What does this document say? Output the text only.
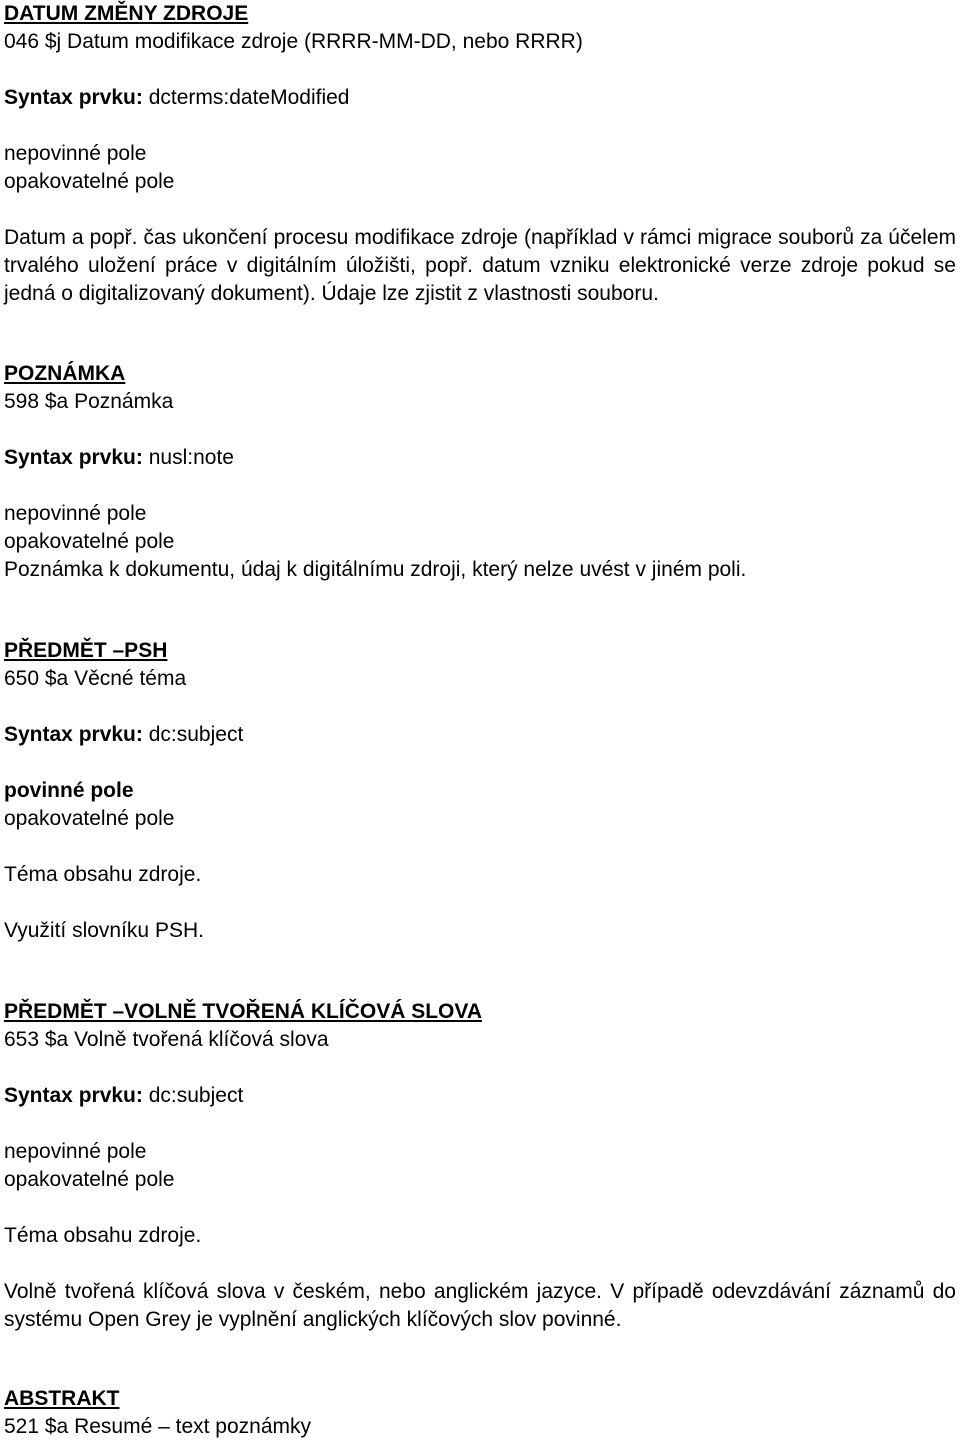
DATUM ZMĚNY ZDROJE
046 $j Datum modifikace zdroje (RRRR-MM-DD, nebo RRRR)
Syntax prvku: dcterms:dateModified
nepovinné pole
opakovatelné pole
Datum a popř. čas ukončení procesu modifikace zdroje (například v rámci migrace souborů za účelem trvalého uložení práce v digitálním úložišti, popř. datum vzniku elektronické verze zdroje pokud se jedná o digitalizovaný dokument). Údaje lze zjistit z vlastnosti souboru.
POZNÁMKA
598 $a Poznámka
Syntax prvku: nusl:note
nepovinné pole
opakovatelné pole
Poznámka k dokumentu, údaj k digitálnímu zdroji, který nelze uvést v jiném poli.
PŘEDMĚT –PSH
650 $a Věcné téma
Syntax prvku: dc:subject
povinné pole
opakovatelné pole
Téma obsahu zdroje.
Využití slovníku PSH.
PŘEDMĚT –VOLNĚ TVOŘENÁ KLÍČOVÁ SLOVA
653 $a Volně tvořená klíčová slova
Syntax prvku: dc:subject
nepovinné pole
opakovatelné pole
Téma obsahu zdroje.
Volně tvořená klíčová slova v českém, nebo anglickém jazyce. V případě odevzdávání záznamů do systému Open Grey je vyplnění anglických klíčových slov povinné.
ABSTRAKT
521 $a Resumé – text poznámky
